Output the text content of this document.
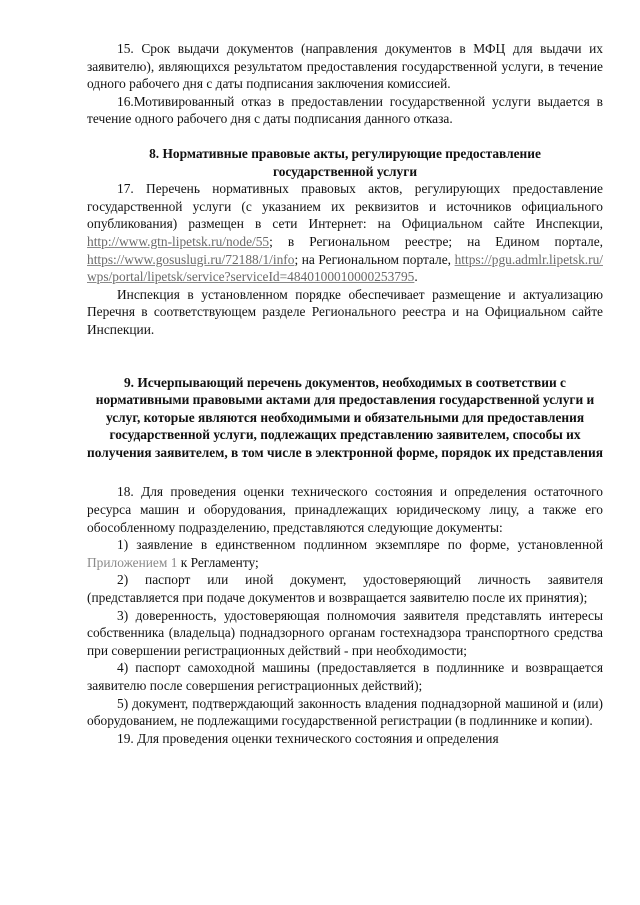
15. Срок выдачи документов (направления документов в МФЦ для выдачи их заявителю), являющихся результатом предоставления государственной услуги, в течение одного рабочего дня с даты подписания заключения комиссией.

16.Мотивированный отказ в предоставлении государственной услуги выдается в течение одного рабочего дня с даты подписания данного отказа.

8. Нормативные правовые акты, регулирующие предоставление
государственной услуги

17. Перечень нормативных правовых актов, регулирующих предоставление государственной услуги (с указанием их реквизитов и источников официального опубликования) размещен в сети Интернет: на Официальном сайте Инспекции, http://www.gtn-lipetsk.ru/node/55; в Региональном реестре; на Едином портале, https://www.gosuslugi.ru/72188/1/info; на Региональном портале, https://pgu.admlr.lipetsk.ru/wps/portal/lipetsk/service?serviceId=4840100010000253795.

Инспекция в установленном порядке обеспечивает размещение и актуализацию Перечня в соответствующем разделе Регионального реестра и на Официальном сайте Инспекции.

9. Исчерпывающий перечень документов, необходимых в соответствии с нормативными правовыми актами для предоставления государственной услуги и услуг, которые являются необходимыми и обязательными для предоставления государственной услуги, подлежащих представлению заявителем, способы их получения заявителем, в том числе в электронной форме, порядок их представления

18. Для проведения оценки технического состояния и определения остаточного ресурса машин и оборудования, принадлежащих юридическому лицу, а также его обособленному подразделению, представляются следующие документы:

1) заявление в единственном подлинном экземпляре по форме, установленной Приложением 1 к Регламенту;

2) паспорт или иной документ, удостоверяющий личность заявителя (представляется при подаче документов и возвращается заявителю после их принятия);

3) доверенность, удостоверяющая полномочия заявителя представлять интересы собственника (владельца) поднадзорного органам гостехнадзора транспортного средства при совершении регистрационных действий - при необходимости;

4) паспорт самоходной машины (предоставляется в подлиннике и возвращается заявителю после совершения регистрационных действий);

5) документ, подтверждающий законность владения поднадзорной машиной и (или) оборудованием, не подлежащими государственной регистрации (в подлиннике и копии).

19. Для проведения оценки технического состояния и определения
